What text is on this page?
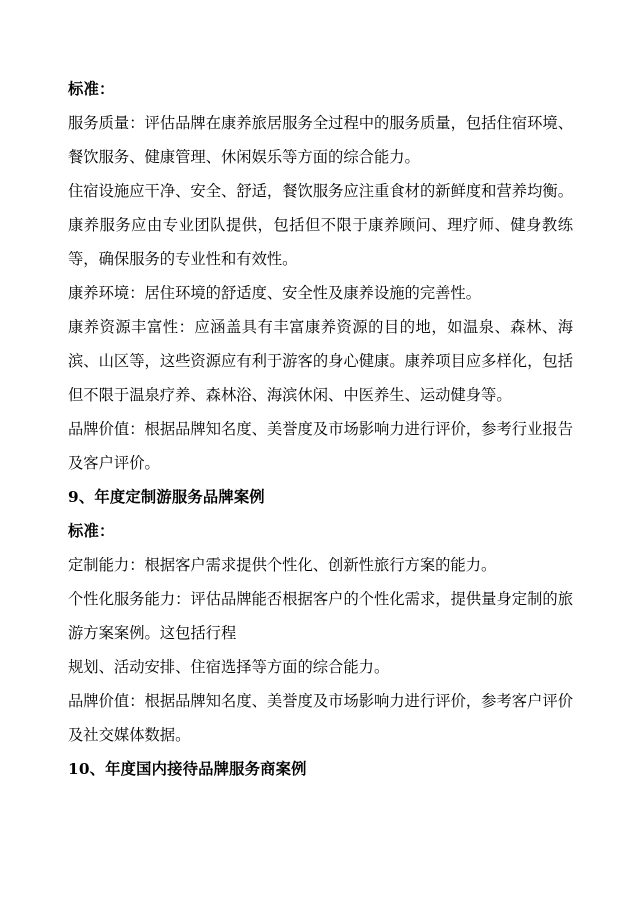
标准：

服务质量：评估品牌在康养旅居服务全过程中的服务质量，包括住宿环境、餐饮服务、健康管理、休闲娱乐等方面的综合能力。

住宿设施应干净、安全、舒适，餐饮服务应注重食材的新鲜度和营养均衡。康养服务应由专业团队提供，包括但不限于康养顾问、理疗师、健身教练等，确保服务的专业性和有效性。

康养环境：居住环境的舒适度、安全性及康养设施的完善性。

康养资源丰富性：应涵盖具有丰富康养资源的目的地，如温泉、森林、海滨、山区等，这些资源应有利于游客的身心健康。康养项目应多样化，包括但不限于温泉疗养、森林浴、海滨休闲、中医养生、运动健身等。

品牌价值：根据品牌知名度、美誉度及市场影响力进行评价，参考行业报告及客户评价。

9、年度定制游服务品牌案例

标准：

定制能力：根据客户需求提供个性化、创新性旅行方案的能力。

个性化服务能力：评估品牌能否根据客户的个性化需求，提供量身定制的旅游方案案例。这包括行程

规划、活动安排、住宿选择等方面的综合能力。

品牌价值：根据品牌知名度、美誉度及市场影响力进行评价，参考客户评价及社交媒体数据。

10、年度国内接待品牌服务商案例
